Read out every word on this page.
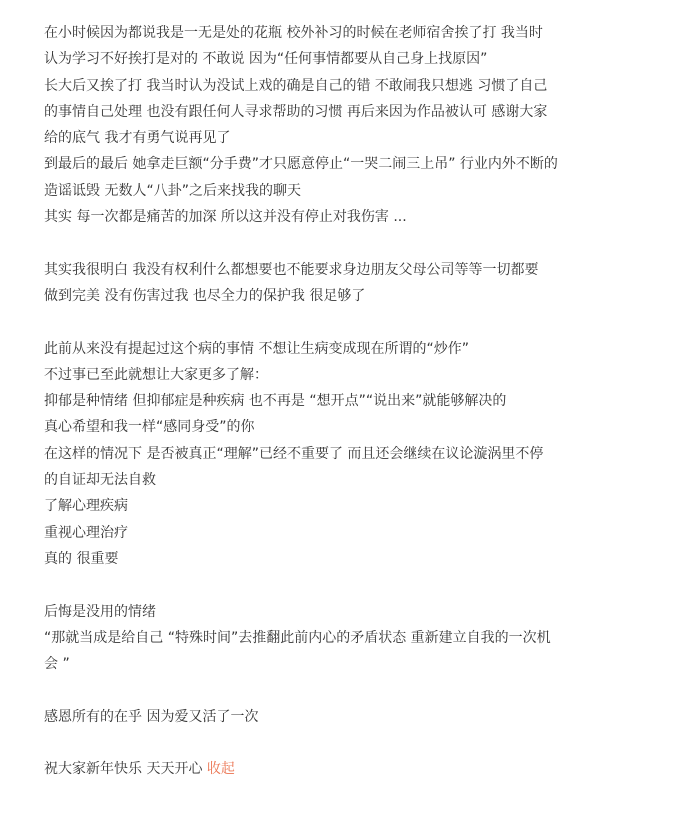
在小时候因为都说我是一无是处的花瓶 校外补习的时候在老师宿舍挨了打 我当时

认为学习不好挨打是对的 不敢说 因为“任何事情都要从自己身上找原因”

长大后又挨了打 我当时认为没试上戏的确是自己的错 不敢闹我只想逃 习惯了自己

的事情自己处理 也没有跟任何人寻求帮助的习惯 再后来因为作品被认可 感谢大家

给的底气 我才有勇气说再见了

到最后的最后 她拿走巨额“分手费”才只愿意停止“一哭二闹三上吊” 行业内外不断的

造谣诋毁 无数人“八卦”之后来找我的聊天

其实 每一次都是痛苦的加深 所以这并没有停止对我伤害 ...

其实我很明白 我没有权利什么都想要也不能要求身边朋友父母公司等等一切都要

做到完美 没有伤害过我 也尽全力的保护我 很足够了

此前从来没有提起过这个病的事情 不想让生病变成现在所谓的“炒作”

不过事已至此就想让大家更多了解：

抑郁是种情绪 但抑郁症是种疾病 也不再是 “想开点”“说出来”就能够解决的

真心希望和我一样“感同身受”的你

在这样的情况下 是否被真正“理解”已经不重要了 而且还会继续在议论漩涡里不停

的自证却无法自救

了解心理疾病

重视心理治疗

真的 很重要

后悔是没用的情绪

“那就当成是给自己 “特殊时间”去推翻此前内心的矛盾状态 重新建立自我的一次机

会 ”

感恩所有的在乎 因为爱又活了一次

祝大家新年快乐 天天开心 收起
